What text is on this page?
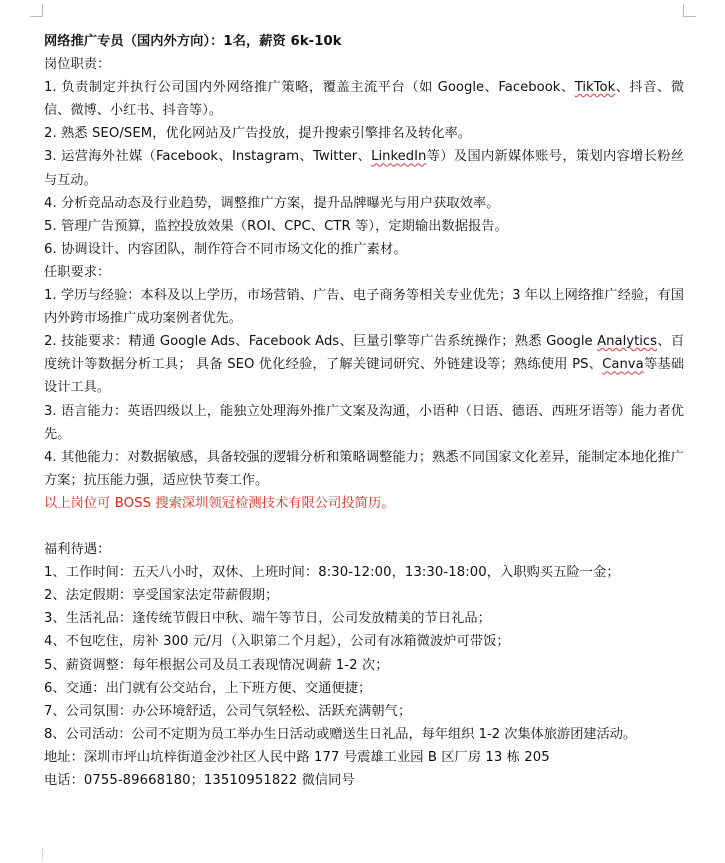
网络推广专员（国内外方向）：1名，薪资 6k-10k
岗位职责：
1. 负责制定并执行公司国内外网络推广策略，覆盖主流平台（如 Google、Facebook、TikTok、抖音、微信、微博、小红书、抖音等）。
2. 熟悉 SEO/SEM，优化网站及广告投放，提升搜索引擎排名及转化率。
3. 运营海外社媒（Facebook、Instagram、Twitter、LinkedIn等）及国内新媒体账号，策划内容增长粉丝与互动。
4. 分析竞品动态及行业趋势，调整推广方案，提升品牌曝光与用户获取效率。
5. 管理广告预算，监控投放效果（ROI、CPC、CTR 等），定期输出数据报告。
6. 协调设计、内容团队，制作符合不同市场文化的推广素材。
任职要求：
1. 学历与经验：本科及以上学历，市场营销、广告、电子商务等相关专业优先；3 年以上网络推广经验，有国内外跨市场推广成功案例者优先。
2. 技能要求：精通 Google Ads、Facebook Ads、巨量引擎等广告系统操作；熟悉 Google Analytics、百度统计等数据分析工具； 具备 SEO 优化经验，了解关键词研究、外链建设等；熟练使用 PS、Canva等基础设计工具。
3. 语言能力：英语四级以上，能独立处理海外推广文案及沟通，小语种（日语、德语、西班牙语等）能力者优先。
4. 其他能力：对数据敏感，具备较强的逻辑分析和策略调整能力；熟悉不同国家文化差异，能制定本地化推广方案；抗压能力强，适应快节奏工作。
以上岗位可 BOSS 搜索深圳领冠检测技术有限公司投简历。
福利待遇：
1、工作时间：五天八小时，双休、上班时间：8:30-12:00，13:30-18:00，入职购买五险一金；
2、法定假期：享受国家法定带薪假期；
3、生活礼品：逢传统节假日中秋、端午等节日，公司发放精美的节日礼品；
4、不包吃住，房补 300 元/月（入职第二个月起），公司有冰箱微波炉可带饭；
5、薪资调整：每年根据公司及员工表现情况调薪 1-2 次；
6、交通：出门就有公交站台，上下班方便、交通便捷；
7、公司氛围：办公环境舒适，公司气氛轻松、活跃充满朝气；
8、公司活动：公司不定期为员工举办生日活动或赠送生日礼品，每年组织 1-2 次集体旅游团建活动。
地址：深圳市坪山坑梓街道金沙社区人民中路 177 号震雄工业园 B 区厂房 13 栋 205
电话：0755-89668180；13510951822 微信同号
